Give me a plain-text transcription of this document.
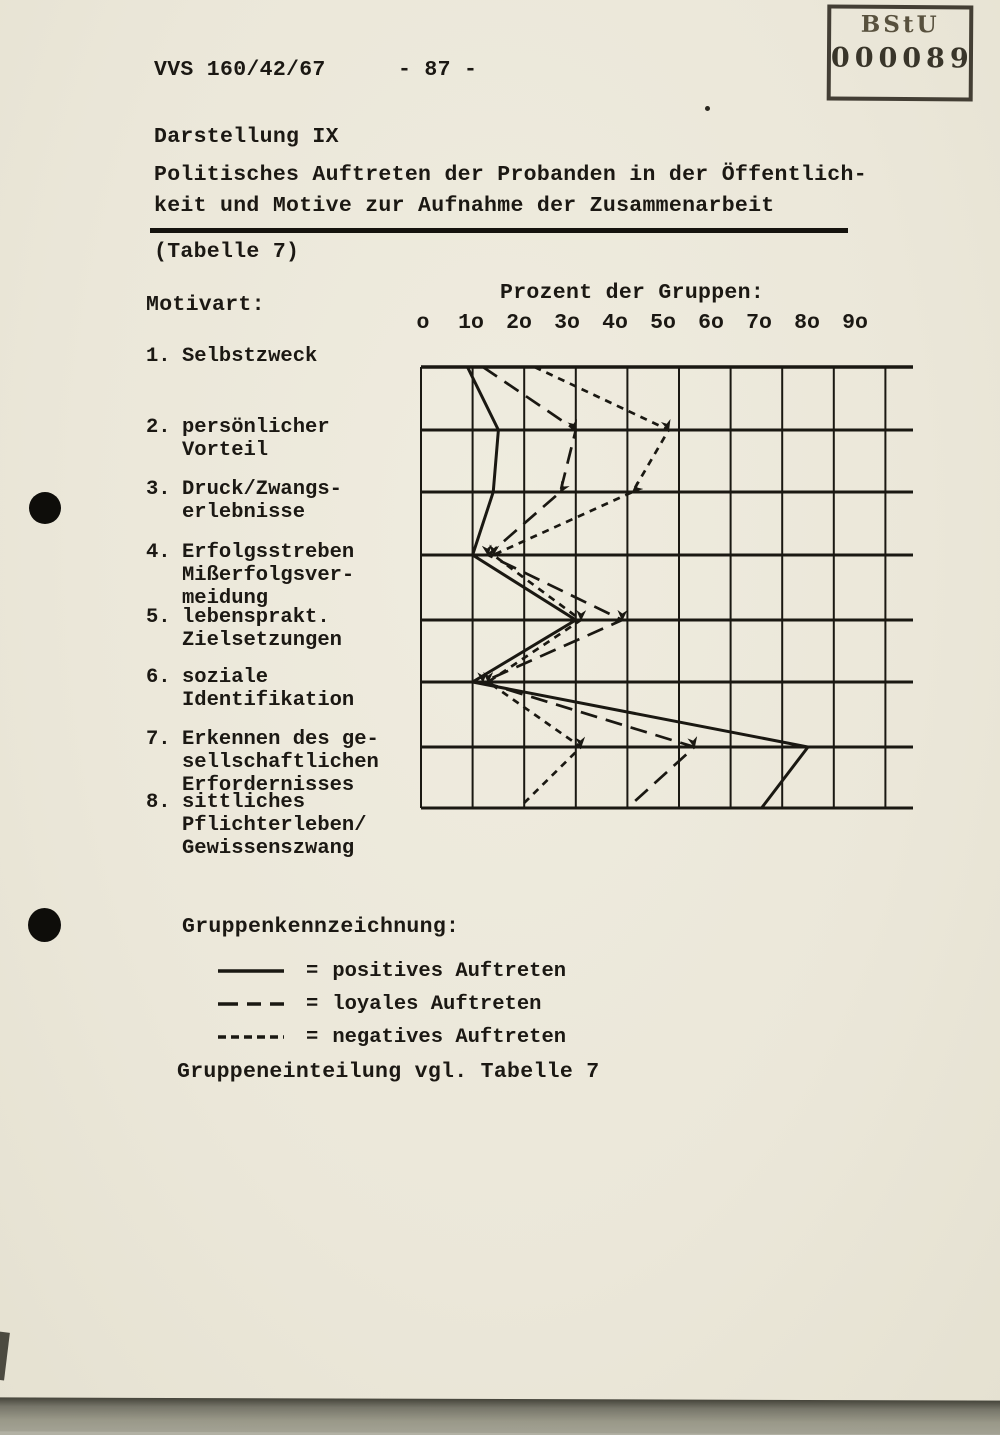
VVS 160/42/67	- 87 -
BStU
000089
Darstellung IX
Politisches Auftreten der Probanden in der Öffentlich-
keit und Motive zur Aufnahme der Zusammenarbeit
(Tabelle 7)
Motivart:	Prozent der Gruppen:
o 1o 2o 3o 4o 5o 6o 7o 8o 9o
1. Selbstzweck
2. persönlicher
Vorteil
3. Druck/Zwangs-
erlebnisse
4. Erfolgsstreben
Mißerfolgsver-
meidung
5. lebensprakt.
Zielsetzungen
6. soziale
Identifikation
7. Erkennen des ge-
sellschaftlichen
Erfordernisses
8. sittliches
Pflichterleben/
Gewissenszwang
Gruppenkennzeichnung:
= positives Auftreten
= loyales Auftreten
= negatives Auftreten
Gruppeneinteilung vgl. Tabelle 7
